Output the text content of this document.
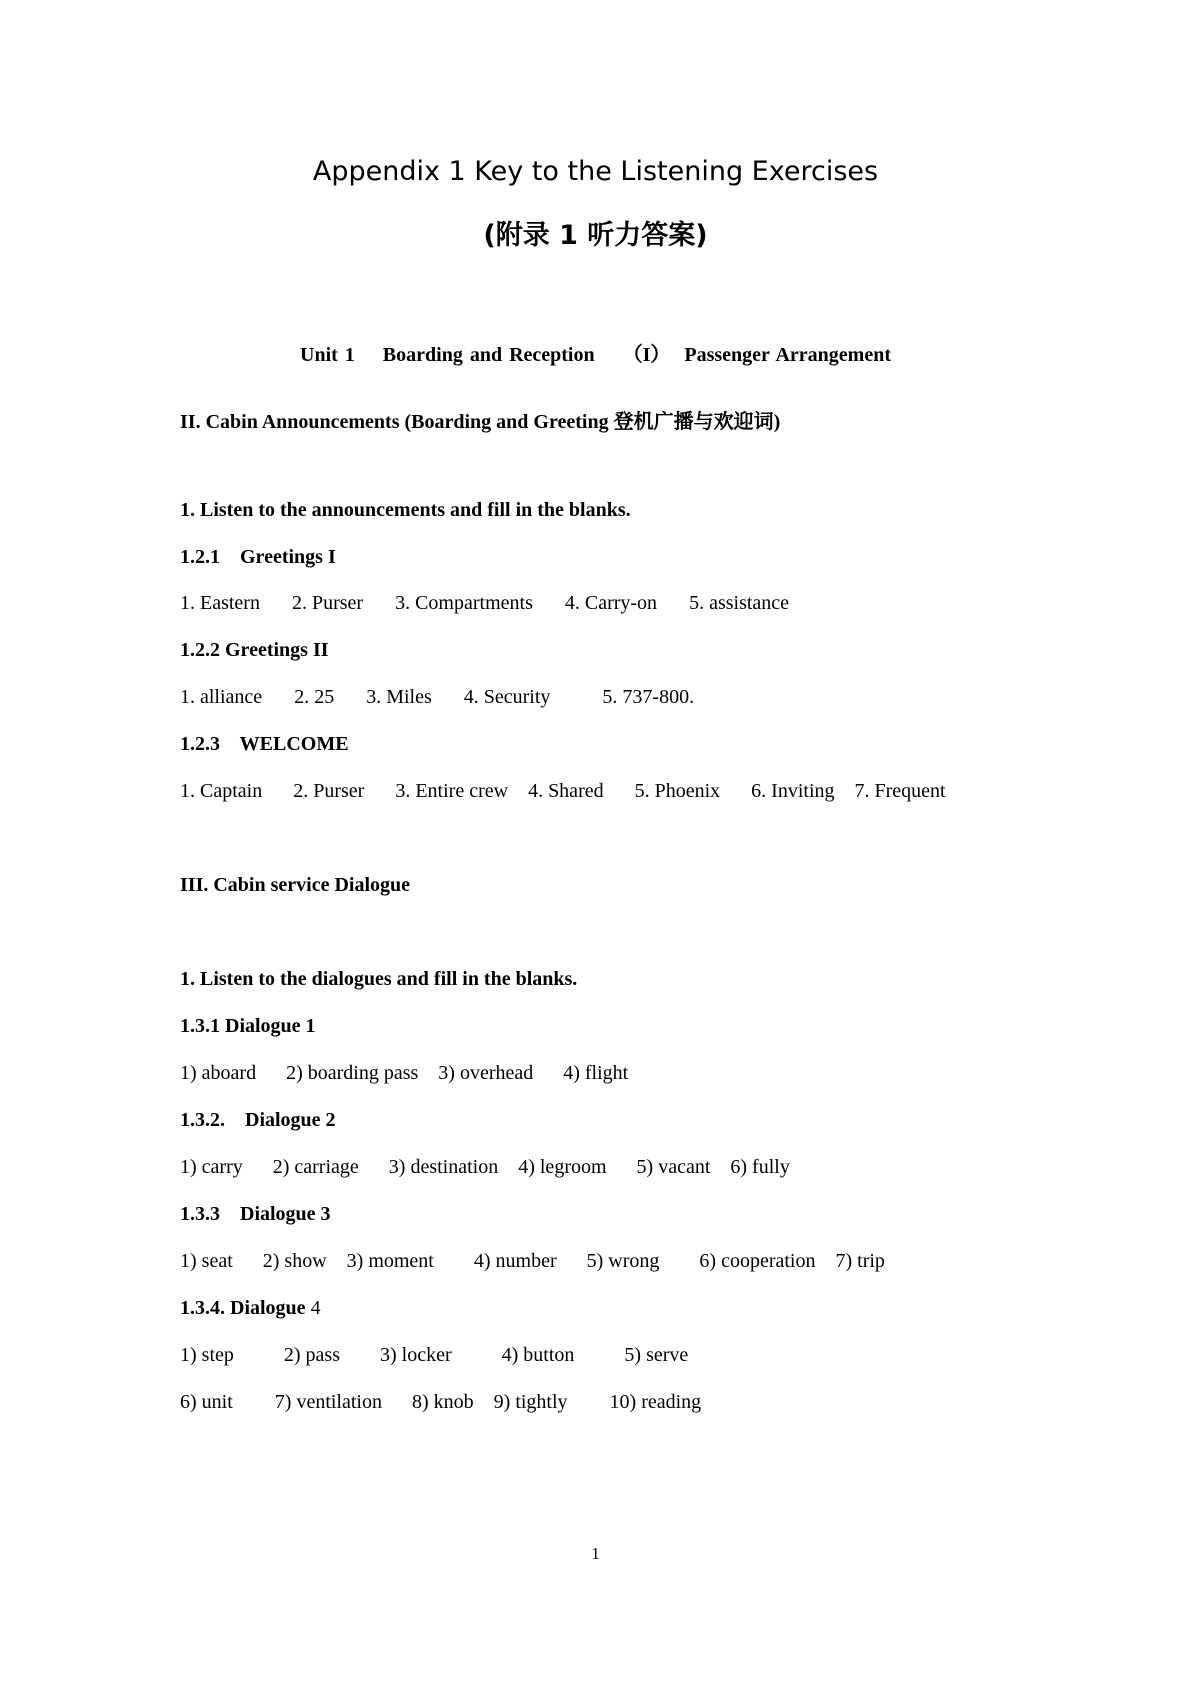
Appendix 1 Key to the Listening Exercises
(附录 1 听力答案)
Unit 1    Boarding and Reception    （I）  Passenger Arrangement
II. Cabin Announcements (Boarding and Greeting 登机广播与欢迎词)
1. Listen to the announcements and fill in the blanks.
1.2.1    Greetings I
1. Eastern 2. Purser 3. Compartments 4. Carry-on 5. assistance
1.2.2 Greetings II
1. alliance 2. 25 3. Miles 4. Security	5. 737-800.
1.2.3    WELCOME
1. Captain 2. Purser 3. Entire crew 4. Shared 5. Phoenix 6. Inviting 7. Frequent
III. Cabin service Dialogue
1. Listen to the dialogues and fill in the blanks.
1.3.1 Dialogue 1
1) aboard 2) boarding pass 3) overhead 4) flight
1.3.2.    Dialogue 2
1) carry 2) carriage 3) destination 4) legroom 5) vacant 6) fully
1.3.3    Dialogue 3
1) seat 2) show 3) moment 4) number 5) wrong 6) cooperation 7) trip
1.3.4. Dialogue 4
1) step	2) pass 3) locker	4) button	5) serve
6) unit 7) ventilation 8) knob 9) tightly 10) reading
1
